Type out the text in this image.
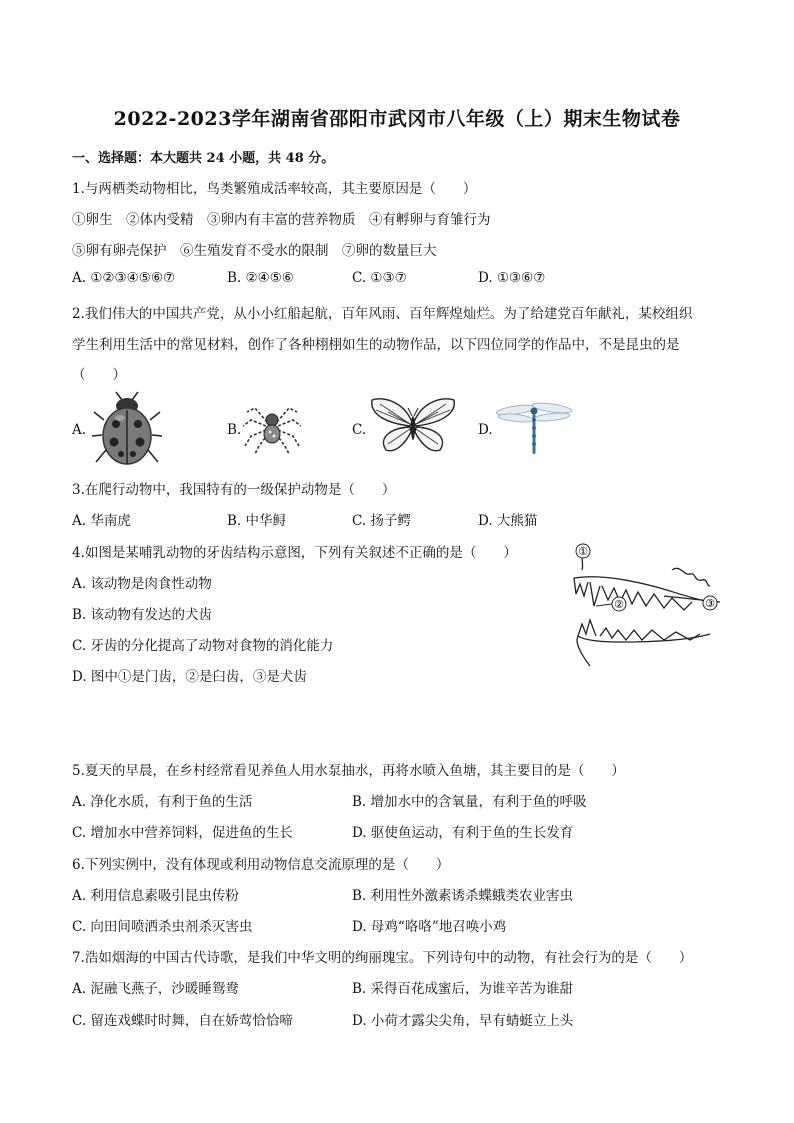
2022-2023学年湖南省邵阳市武冈市八年级（上）期末生物试卷
一、选择题：本大题共 24 小题，共 48 分。
1.与两栖类动物相比，鸟类繁殖成活率较高，其主要原因是（　　）
①卵生　②体内受精　③卵内有丰富的营养物质　④有孵卵与育雏行为
⑤卵有卵壳保护　⑥生殖发育不受水的限制　⑦卵的数量巨大
A. ①②③④⑤⑥⑦	B. ②④⑤⑥	C. ①③⑦	D. ①③⑥⑦
2.我们伟大的中国共产党，从小小红船起航，百年风雨、百年辉煌灿烂。为了给建党百年献礼，某校组织
学生利用生活中的常见材料，创作了各种栩栩如生的动物作品，以下四位同学的作品中，不是昆虫的是
（　　）
A.	B.	C.	D.
3.在爬行动物中，我国特有的一级保护动物是（　　）
A. 华南虎	B. 中华鲟	C. 扬子鳄	D. 大熊猫
4.如图是某哺乳动物的牙齿结构示意图，下列有关叙述不正确的是（　　）
A. 该动物是肉食性动物
B. 该动物有发达的犬齿
C. 牙齿的分化提高了动物对食物的消化能力
D. 图中①是门齿，②是臼齿，③是犬齿
①
②	③
5.夏天的早晨，在乡村经常看见养鱼人用水泵抽水，再将水喷入鱼塘，其主要目的是（　　）
A. 净化水质，有利于鱼的生活	B. 增加水中的含氧量，有利于鱼的呼吸
C. 增加水中营养饲料，促进鱼的生长	D. 驱使鱼运动，有利于鱼的生长发育
6.下列实例中，没有体现或利用动物信息交流原理的是（　　）
A. 利用信息素吸引昆虫传粉	B. 利用性外激素诱杀蝶蛾类农业害虫
C. 向田间喷洒杀虫剂杀灭害虫	D. 母鸡“咯咯”地召唤小鸡
7.浩如烟海的中国古代诗歌，是我们中华文明的绚丽瑰宝。下列诗句中的动物，有社会行为的是（　　）
A. 泥融飞燕子，沙暖睡鸳鸯	B. 采得百花成蜜后，为谁辛苦为谁甜
C. 留连戏蝶时时舞，自在娇莺恰恰啼	D. 小荷才露尖尖角，早有蜻蜓立上头
